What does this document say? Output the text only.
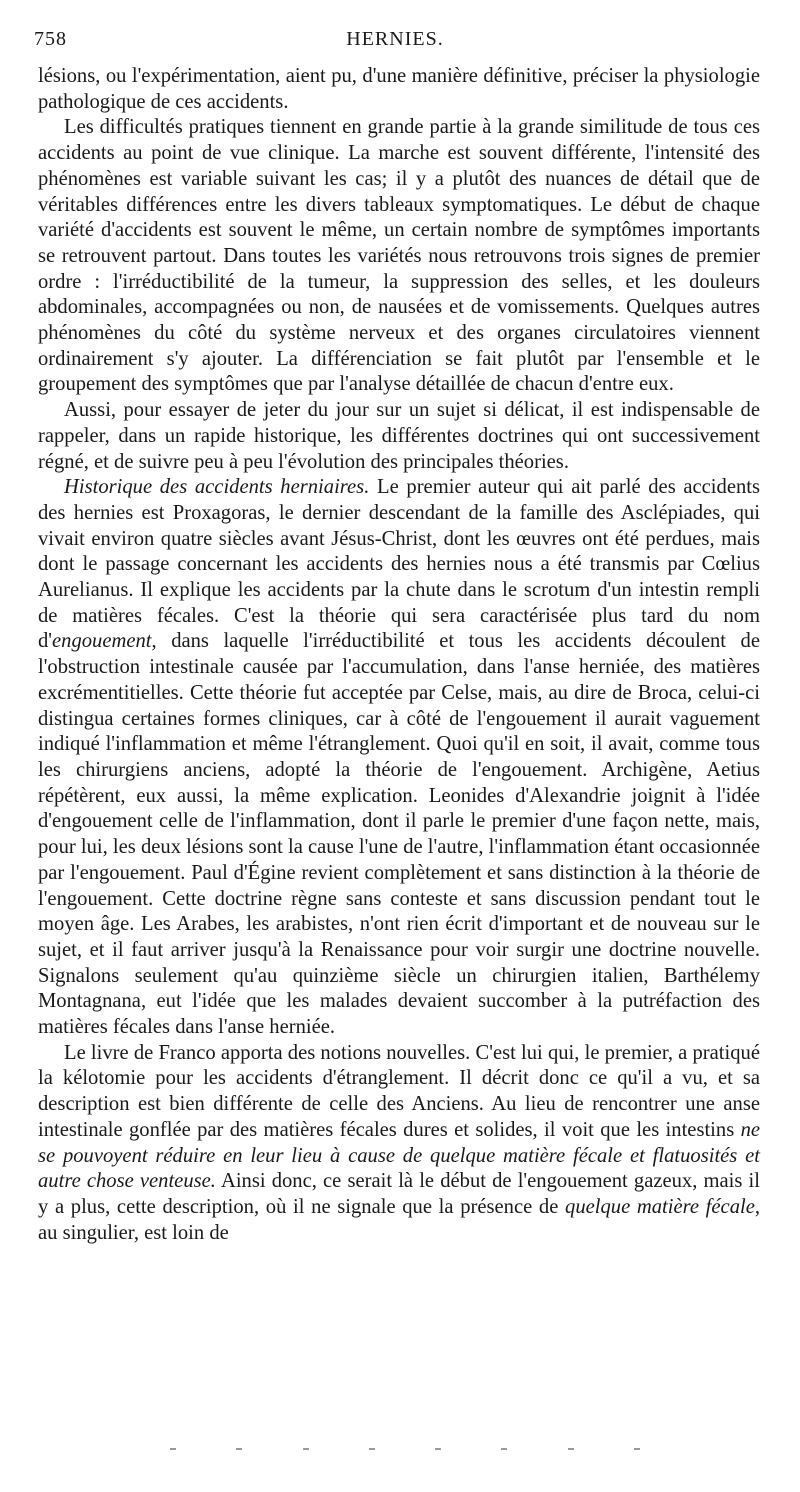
758	HERNIES.

lésions, ou l'expérimentation, aient pu, d'une manière définitive, préciser la physiologie pathologique de ces accidents.

Les difficultés pratiques tiennent en grande partie à la grande similitude de tous ces accidents au point de vue clinique. La marche est souvent différente, l'intensité des phénomènes est variable suivant les cas; il y a plutôt des nuances de détail que de véritables différences entre les divers tableaux symptomatiques. Le début de chaque variété d'accidents est souvent le même, un certain nombre de symptômes importants se retrouvent partout. Dans toutes les variétés nous retrouvons trois signes de premier ordre : l'irréductibilité de la tumeur, la suppression des selles, et les douleurs abdominales, accompagnées ou non, de nausées et de vomissements. Quelques autres phénomènes du côté du système nerveux et des organes circulatoires viennent ordinairement s'y ajouter. La différenciation se fait plutôt par l'ensemble et le groupement des symptômes que par l'analyse détaillée de chacun d'entre eux.

Aussi, pour essayer de jeter du jour sur un sujet si délicat, il est indispensable de rappeler, dans un rapide historique, les différentes doctrines qui ont successivement régné, et de suivre peu à peu l'évolution des principales théories.

Historique des accidents herniaires. Le premier auteur qui ait parlé des accidents des hernies est Proxagoras, le dernier descendant de la famille des Asclépiades, qui vivait environ quatre siècles avant Jésus-Christ, dont les œuvres ont été perdues, mais dont le passage concernant les accidents des hernies nous a été transmis par Cœlius Aurelianus. Il explique les accidents par la chute dans le scrotum d'un intestin rempli de matières fécales. C'est la théorie qui sera caractérisée plus tard du nom d'engouement, dans laquelle l'irréductibilité et tous les accidents découlent de l'obstruction intestinale causée par l'accumulation, dans l'anse herniée, des matières excrémentitielles. Cette théorie fut acceptée par Celse, mais, au dire de Broca, celui-ci distingua certaines formes cliniques, car à côté de l'engouement il aurait vaguement indiqué l'inflammation et même l'étranglement. Quoi qu'il en soit, il avait, comme tous les chirurgiens anciens, adopté la théorie de l'engouement. Archigène, Aetius répétèrent, eux aussi, la même explication. Leonides d'Alexandrie joignit à l'idée d'engouement celle de l'inflammation, dont il parle le premier d'une façon nette, mais, pour lui, les deux lésions sont la cause l'une de l'autre, l'inflammation étant occasionnée par l'engouement. Paul d'Égine revient complètement et sans distinction à la théorie de l'engouement. Cette doctrine règne sans conteste et sans discussion pendant tout le moyen âge. Les Arabes, les arabistes, n'ont rien écrit d'important et de nouveau sur le sujet, et il faut arriver jusqu'à la Renaissance pour voir surgir une doctrine nouvelle. Signalons seulement qu'au quinzième siècle un chirurgien italien, Barthélemy Montagnana, eut l'idée que les malades devaient succomber à la putréfaction des matières fécales dans l'anse herniée.

Le livre de Franco apporta des notions nouvelles. C'est lui qui, le premier, a pratiqué la kélotomie pour les accidents d'étranglement. Il décrit donc ce qu'il a vu, et sa description est bien différente de celle des Anciens. Au lieu de rencontrer une anse intestinale gonflée par des matières fécales dures et solides, il voit que les intestins ne se pouvoyent réduire en leur lieu à cause de quelque matière fécale et flatuosités et autre chose venteuse. Ainsi donc, ce serait là le début de l'engouement gazeux, mais il y a plus, cette description, où il ne signale que la présence de quelque matière fécale, au singulier, est loin de
